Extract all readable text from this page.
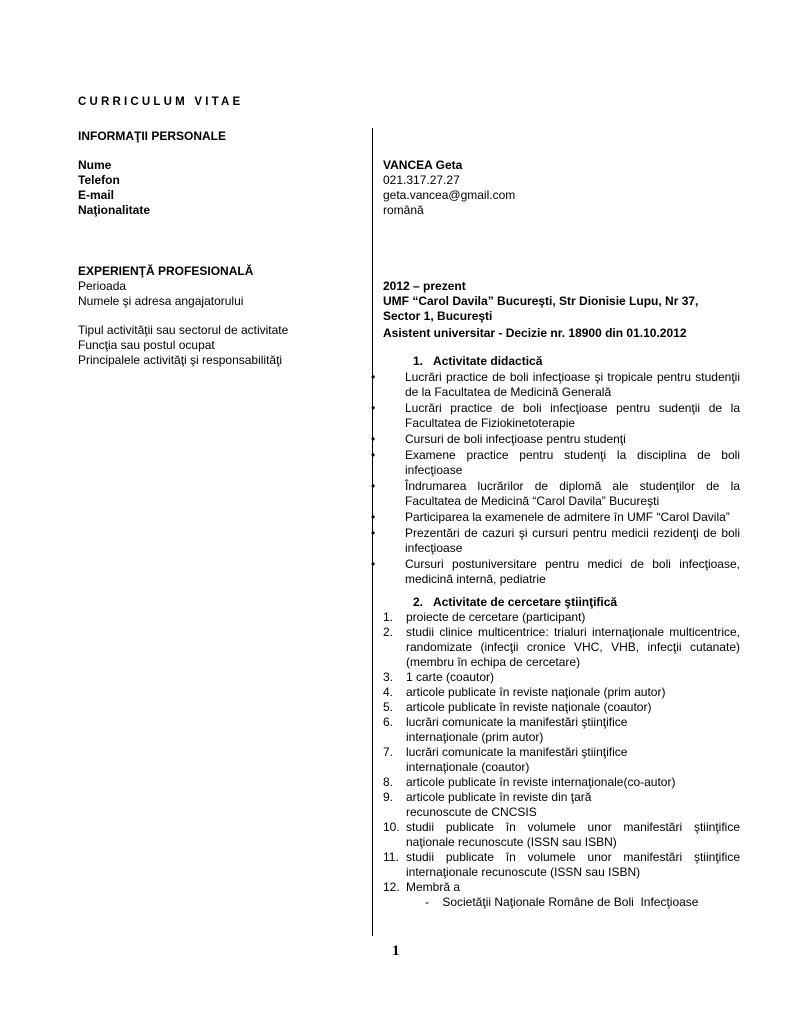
CURRICULUM VITAE
INFORMAŢII PERSONALE
Nume
Telefon
E-mail
Naţionalitate
VANCEA Geta
021.317.27.27
geta.vancea@gmail.com
română
EXPERIENŢĂ PROFESIONALĂ
Perioada
Numele şi adresa angajatorului
Tipul activităţii sau sectorul de activitate
Funcţia sau postul ocupat
Principalele activităţi şi responsabilităţi
2012 – prezent
UMF “Carol Davila” Bucureşti, Str Dionisie Lupu, Nr 37, Sector 1, Bucureşti
Asistent universitar - Decizie nr. 18900 din 01.10.2012
1. Activitate didactică
• Lucrări practice de boli infecţioase şi tropicale pentru studenţii de la Facultatea de Medicină Generală
• Lucrări practice de boli infecţioase pentru sudenţii de la Facultatea de Fiziokinetoterapie
• Cursuri de boli infecţioase pentru studenţi
• Examene practice pentru studenţi la disciplina de boli infecţioase
• Îndrumarea lucrărilor de diplomă ale studenţilor de la Facultatea de Medicină “Carol Davila” Bucureşti
• Participarea la examenele de admitere în UMF “Carol Davila”
• Prezentări de cazuri şi cursuri pentru medicii rezidenţi de boli infecţioase
• Cursuri postuniversitare pentru medici de boli infecţioase, medicină internă, pediatrie
2. Activitate de cercetare ştiinţifică
1. proiecte de cercetare (participant)
2. studii clinice multicentrice: trialuri internaţionale multicentrice, randomizate (infecţii cronice VHC, VHB, infecţii cutanate) (membru în echipa de cercetare)
3. 1 carte (coautor)
4. articole publicate în reviste naţionale (prim autor)
5. articole publicate în reviste naţionale (coautor)
6. lucrări comunicate la manifestări ştiinţifice internaţionale (prim autor)
7. lucrări comunicate la manifestări ştiinţifice internaţionale (coautor)
8. articole publicate în reviste internaţionale(co-autor)
9. articole publicate în reviste din ţară recunoscute de CNCSIS
10. studii publicate în volumele unor manifestări ştiinţifice naţionale recunoscute (ISSN sau ISBN)
11. studii publicate în volumele unor manifestări ştiinţifice internaţionale recunoscute (ISSN sau ISBN)
12. Membră a
-    Societăţii Naţionale Române de Boli  Infecţioase
1
